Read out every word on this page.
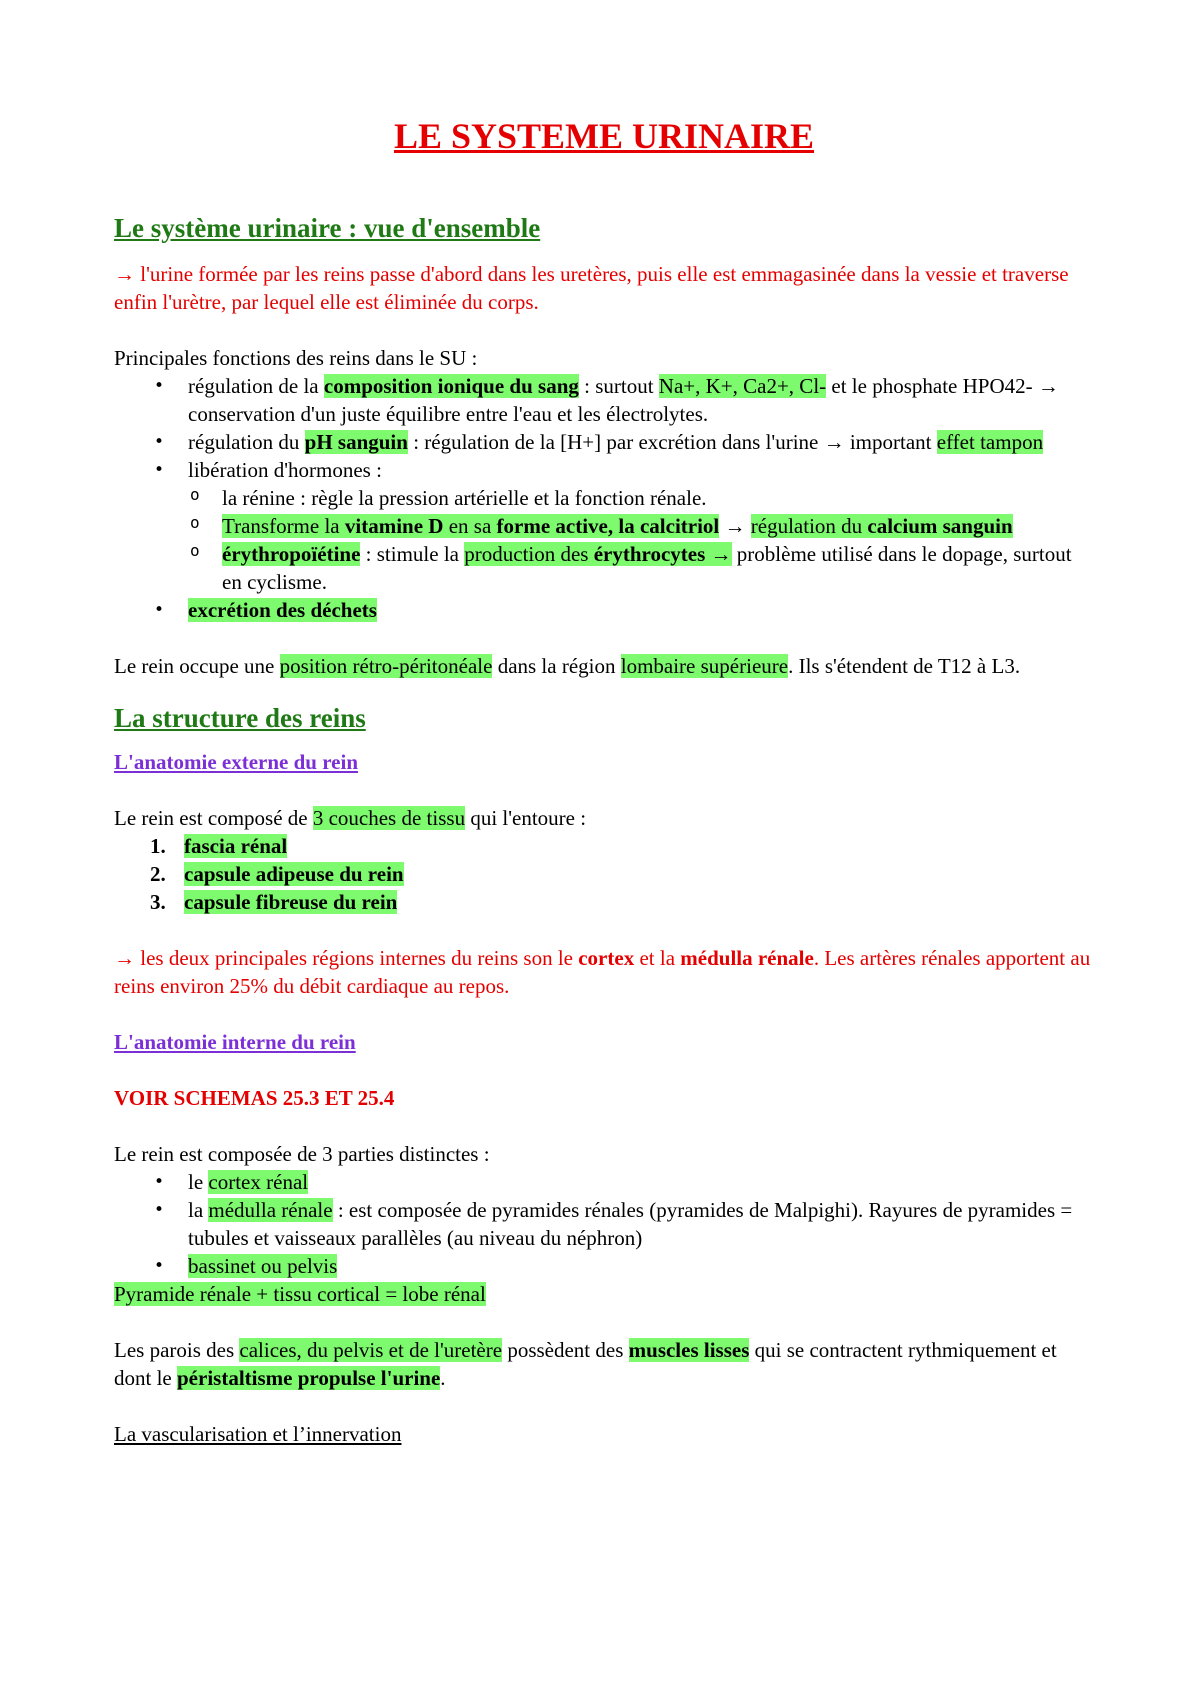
LE SYSTEME URINAIRE

Le système urinaire : vue d'ensemble

→ l'urine formée par les reins passe d'abord dans les uretères, puis elle est emmagasinée dans la vessie et traverse enfin l'urètre, par lequel elle est éliminée du corps.

Principales fonctions des reins dans le SU :

• régulation de la composition ionique du sang : surtout Na+, K+, Ca2+, Cl- et le phosphate HPO42- → conservation d'un juste équilibre entre l'eau et les électrolytes.
• régulation du pH sanguin : régulation de la [H+] par excrétion dans l'urine → important effet tampon
• libération d'hormones :
o la rénine : règle la pression artérielle et la fonction rénale.
o Transforme la vitamine D en sa forme active, la calcitriol → régulation du calcium sanguin
o érythropoïétine : stimule la production des érythrocytes → problème utilisé dans le dopage, surtout en cyclisme.
• excrétion des déchets

Le rein occupe une position rétro-péritonéale dans la région lombaire supérieure. Ils s'étendent de T12 à L3.

La structure des reins

L'anatomie externe du rein

Le rein est composé de 3 couches de tissu qui l'entoure :

1. fascia rénal
2. capsule adipeuse du rein
3. capsule fibreuse du rein

→ les deux principales régions internes du reins son le cortex et la médulla rénale. Les artères rénales apportent au reins environ 25% du débit cardiaque au repos.

L'anatomie interne du rein

VOIR SCHEMAS 25.3 ET 25.4

Le rein est composée de 3 parties distinctes :

• le cortex rénal
• la médulla rénale : est composée de pyramides rénales (pyramides de Malpighi). Rayures de pyramides = tubules et vaisseaux parallèles (au niveau du néphron)
• bassinet ou pelvis

Pyramide rénale + tissu cortical = lobe rénal

Les parois des calices, du pelvis et de l'uretère possèdent des muscles lisses qui se contractent rythmiquement et dont le péristaltisme propulse l'urine.

La vascularisation et l’innervation
